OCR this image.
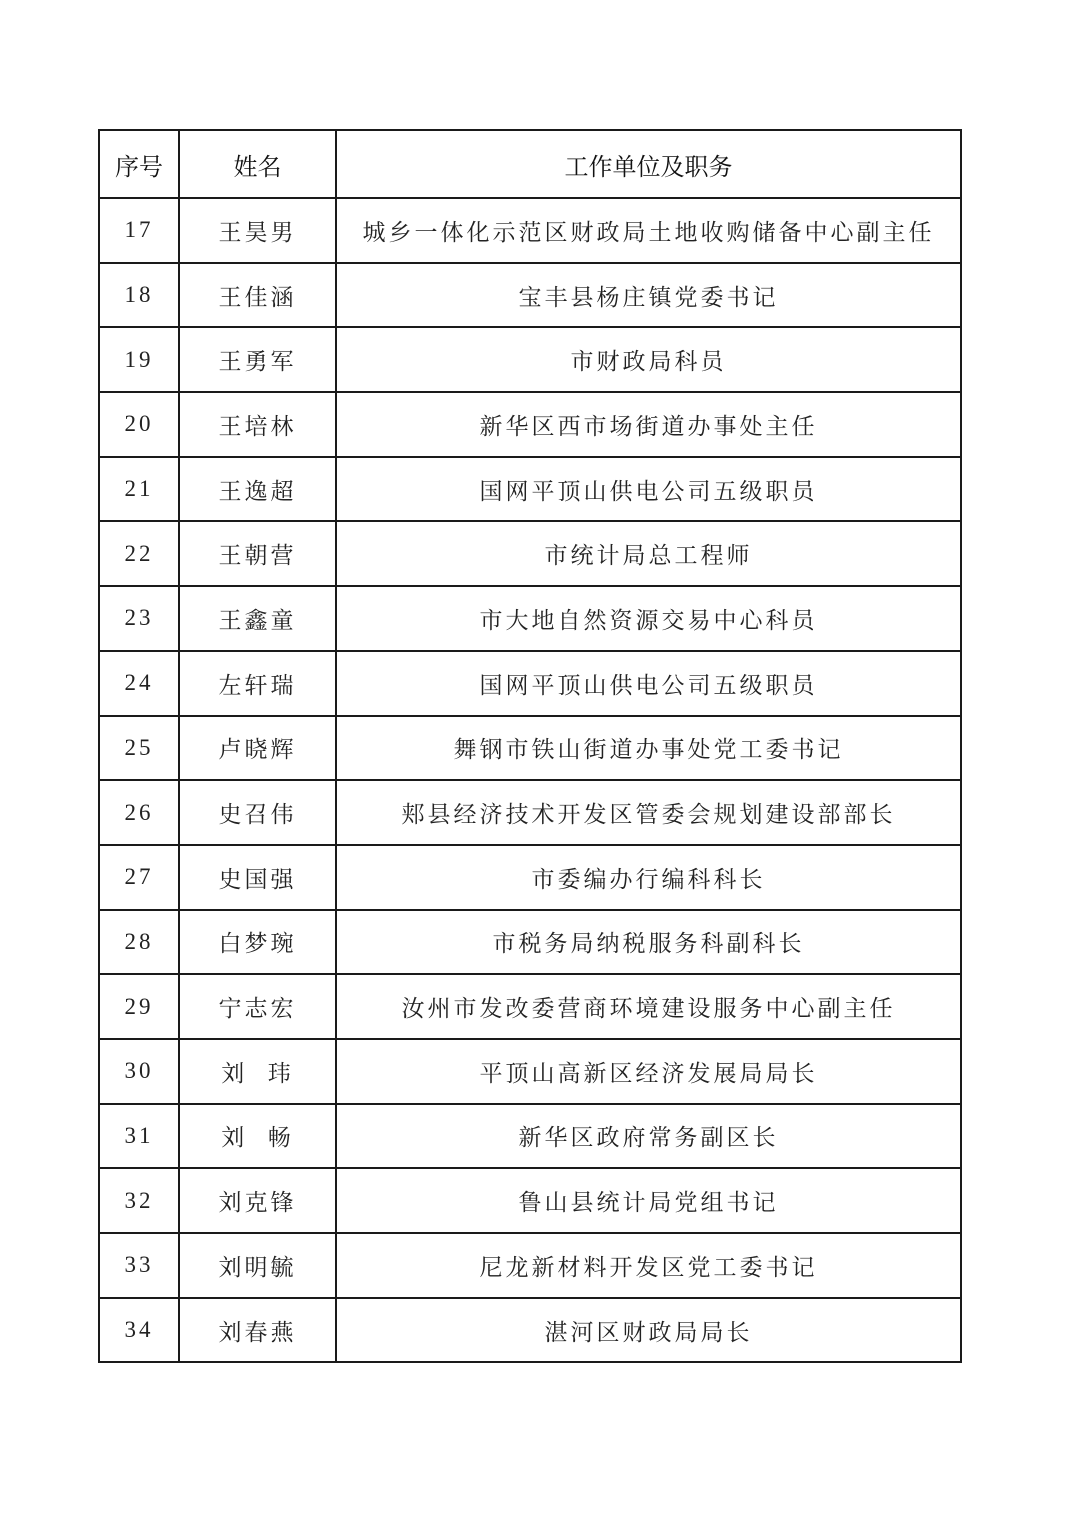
序号	姓名	工作单位及职务
17	王昊男	城乡一体化示范区财政局土地收购储备中心副主任
18	王佳涵	宝丰县杨庄镇党委书记
19	王勇军	市财政局科员
20	王培林	新华区西市场街道办事处主任
21	王逸超	国网平顶山供电公司五级职员
22	王朝营	市统计局总工程师
23	王鑫童	市大地自然资源交易中心科员
24	左轩瑞	国网平顶山供电公司五级职员
25	卢晓辉	舞钢市铁山街道办事处党工委书记
26	史召伟	郏县经济技术开发区管委会规划建设部部长
27	史国强	市委编办行编科科长
28	白梦琬	市税务局纳税服务科副科长
29	宁志宏	汝州市发改委营商环境建设服务中心副主任
30	刘  玮	平顶山高新区经济发展局局长
31	刘  畅	新华区政府常务副区长
32	刘克锋	鲁山县统计局党组书记
33	刘明毓	尼龙新材料开发区党工委书记
34	刘春燕	湛河区财政局局长
